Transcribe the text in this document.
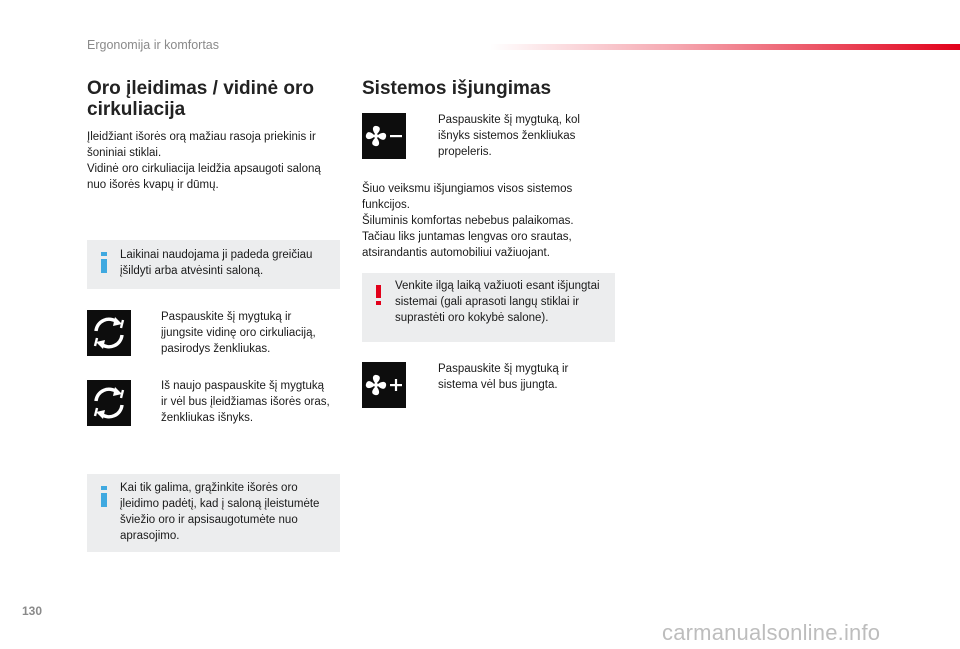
Ergonomija ir komfortas
Oro įleidimas / vidinė oro
cirkuliacija
Įleidžiant išorės orą mažiau rasoja priekinis ir
šoniniai stiklai.
Vidinė oro cirkuliacija leidžia apsaugoti saloną
nuo išorės kvapų ir dūmų.
Laikinai naudojama ji padeda greičiau
įšildyti arba atvėsinti saloną.
Paspauskite šį mygtuką ir
įjungsite vidinę oro cirkuliaciją,
pasirodys ženkliukas.
Iš naujo paspauskite šį mygtuką
ir vėl bus įleidžiamas išorės oras,
ženkliukas išnyks.
Kai tik galima, grąžinkite išorės oro
įleidimo padėtį, kad į saloną įleistumėte
šviežio oro ir apsisaugotumėte nuo
aprasojimo.
Sistemos išjungimas
Paspauskite šį mygtuką, kol
išnyks sistemos ženkliukas
propeleris.
Šiuo veiksmu išjungiamos visos sistemos
funkcijos.
Šiluminis komfortas nebebus palaikomas.
Tačiau liks juntamas lengvas oro srautas,
atsirandantis automobiliui važiuojant.
Venkite ilgą laiką važiuoti esant išjungtai
sistemai (gali aprasoti langų stiklai ir
suprastėti oro kokybė salone).
Paspauskite šį mygtuką ir
sistema vėl bus įjungta.
130
carmanualsonline.info
